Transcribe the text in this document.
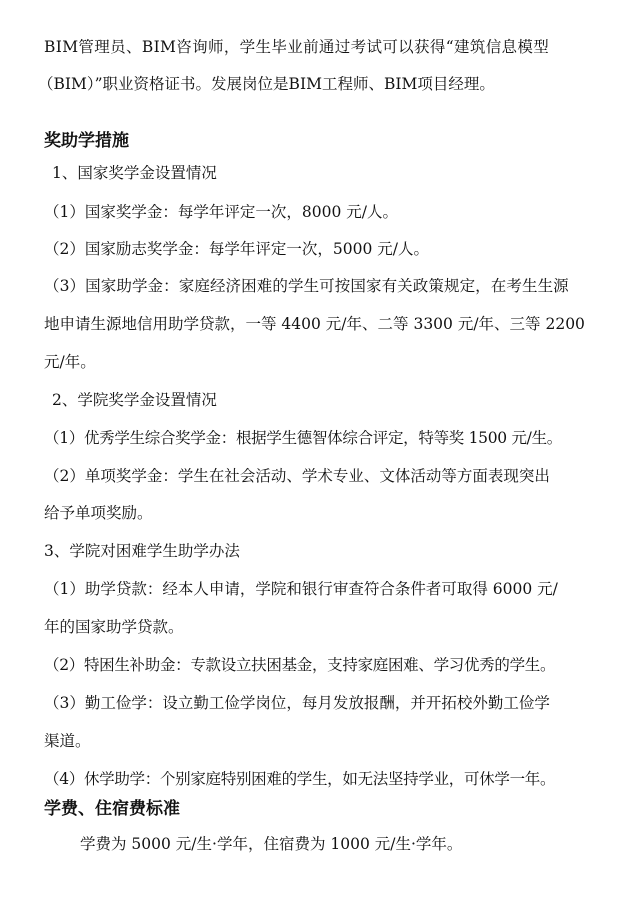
BIM管理员、BIM咨询师，学生毕业前通过考试可以获得“建筑信息模型
（BIM）”职业资格证书。发展岗位是BIM工程师、BIM项目经理。
奖助学措施
1、国家奖学金设置情况
（1）国家奖学金：每学年评定一次，8000 元/人。
（2）国家励志奖学金：每学年评定一次，5000 元/人。
（3）国家助学金：家庭经济困难的学生可按国家有关政策规定，在考生生源
地申请生源地信用助学贷款，一等 4400 元/年、二等 3300 元/年、三等 2200
元/年。
2、学院奖学金设置情况
（1）优秀学生综合奖学金：根据学生德智体综合评定，特等奖 1500 元/生。
（2）单项奖学金：学生在社会活动、学术专业、文体活动等方面表现突出
给予单项奖励。
3、学院对困难学生助学办法
（1）助学贷款：经本人申请，学院和银行审查符合条件者可取得 6000 元/
年的国家助学贷款。
（2）特困生补助金：专款设立扶困基金，支持家庭困难、学习优秀的学生。
（3）勤工俭学：设立勤工俭学岗位，每月发放报酬，并开拓校外勤工俭学
渠道。
（4）休学助学：个别家庭特别困难的学生，如无法坚持学业，可休学一年。
学费、住宿费标准
学费为 5000 元/生·学年，住宿费为 1000 元/生·学年。
